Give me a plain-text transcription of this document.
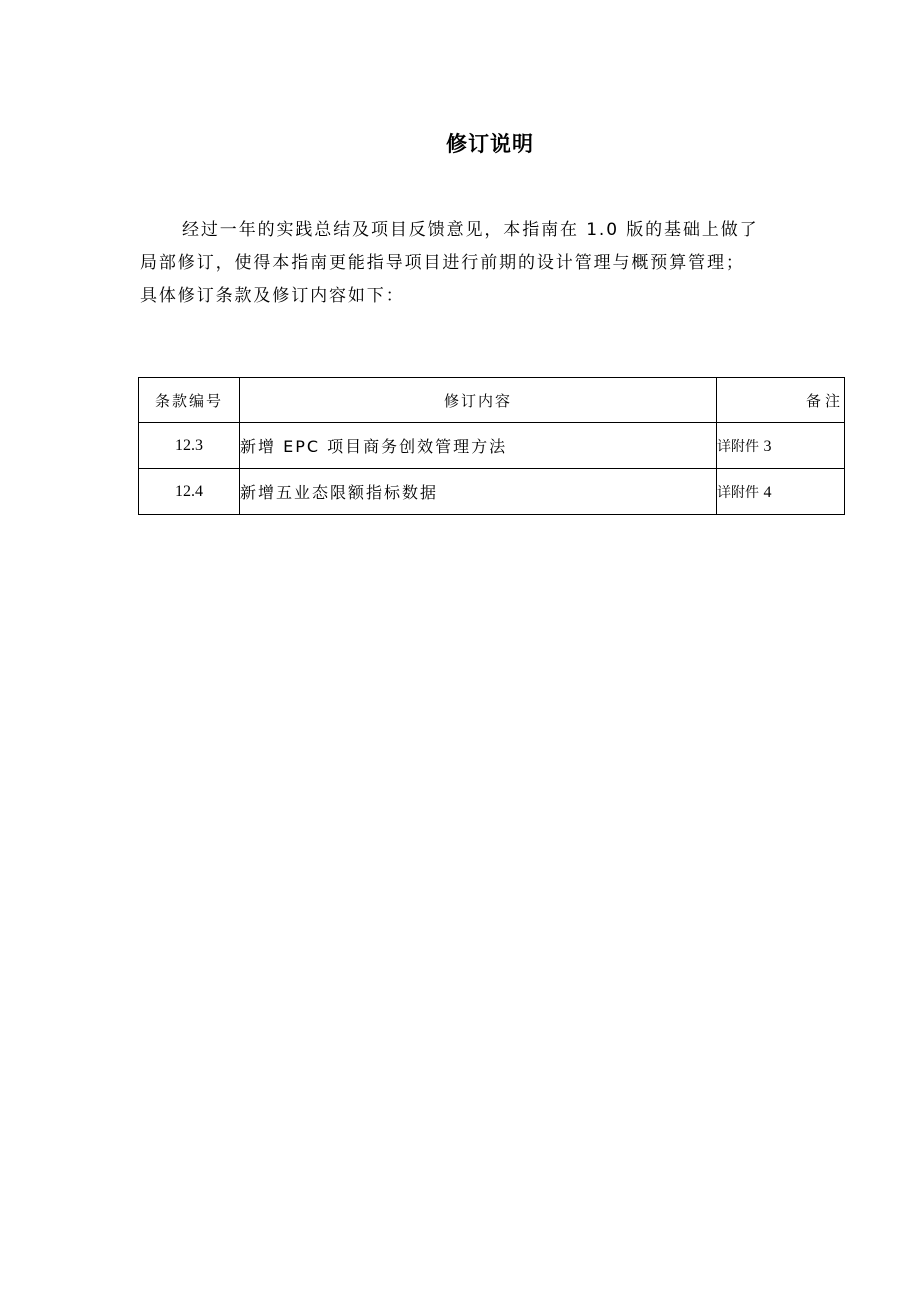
修订说明

经过一年的实践总结及项目反馈意见，本指南在 1.0 版的基础上做了

局部修订，使得本指南更能指导项目进行前期的设计管理与概预算管理；

具体修订条款及修订内容如下：

条款编号	修订内容	备注
12.3	新增 EPC 项目商务创效管理方法	详附件 3
12.4	新增五业态限额指标数据	详附件 4
